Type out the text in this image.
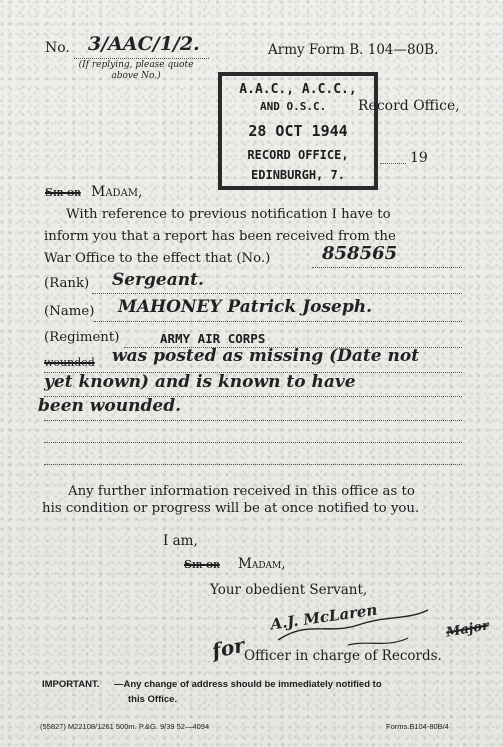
No. 3/AAC/1/2.
(If replying, please quote above No.)
Army Form B. 104—80B.
A.A.C., A.C.C.,
AND O.S.C.
28 OCT 1944
RECORD OFFICE,
EDINBURGH, 7.
Record Office,
19
Sir or Madam,
With reference to previous notification I have to
inform you that a report has been received from the
War Office to the effect that (No.)	858565
(Rank) Sergeant.
(Name) MAHONEY Patrick Joseph.
(Regiment)	ARMY AIR CORPS
wounded was posted as missing (Date not
yet known) and is known to have
been wounded.
Any further information received in this office as to
his condition or progress will be at once notified to you.
I am,
Sir or Madam,
Your obedient Servant,
for
A.J. McLaren
Officer in charge of Records.
Major
IMPORTANT. —Any change of address should be immediately notified to
this Office.
(55827) M22108/1261 500m. P.&G. 9/39 52—4094	Forms.B104-80B/4
